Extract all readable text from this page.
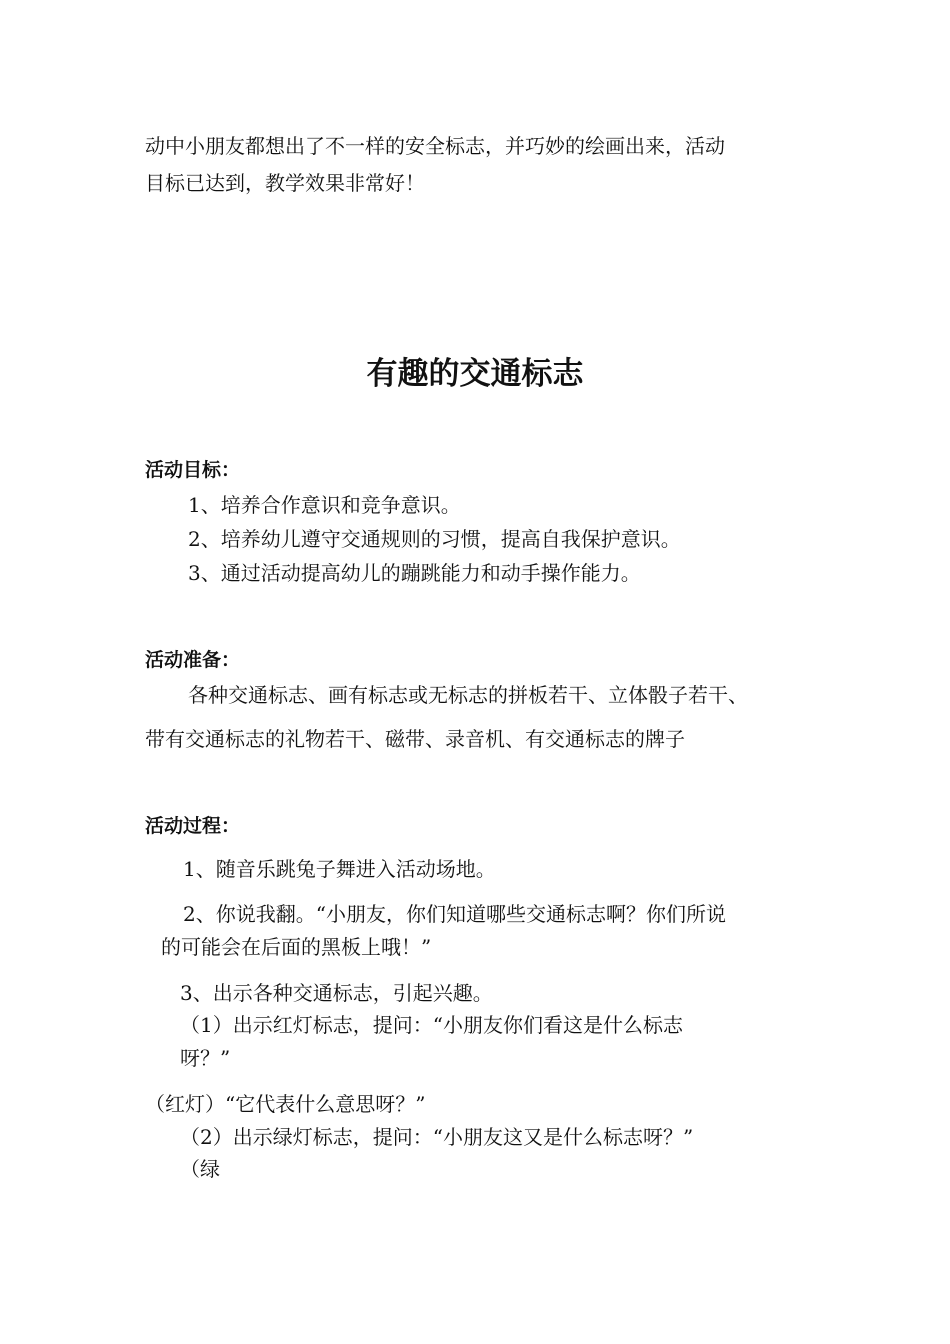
动中小朋友都想出了不一样的安全标志，并巧妙的绘画出来，活动
目标已达到，教学效果非常好！
有趣的交通标志
活动目标：
1、培养合作意识和竞争意识。
2、培养幼儿遵守交通规则的习惯，提高自我保护意识。
3、通过活动提高幼儿的蹦跳能力和动手操作能力。
活动准备：
各种交通标志、画有标志或无标志的拼板若干、立体骰子若干、
带有交通标志的礼物若干、磁带、录音机、有交通标志的牌子
活动过程：
1、随音乐跳兔子舞进入活动场地。
2、你说我翻。“小朋友，你们知道哪些交通标志啊？你们所说
的可能会在后面的黑板上哦！”
3、出示各种交通标志，引起兴趣。
（1）出示红灯标志，提问：“小朋友你们看这是什么标志
呀？”
（红灯）“它代表什么意思呀？”
（2）出示绿灯标志，提问：“小朋友这又是什么标志呀？”
（绿
